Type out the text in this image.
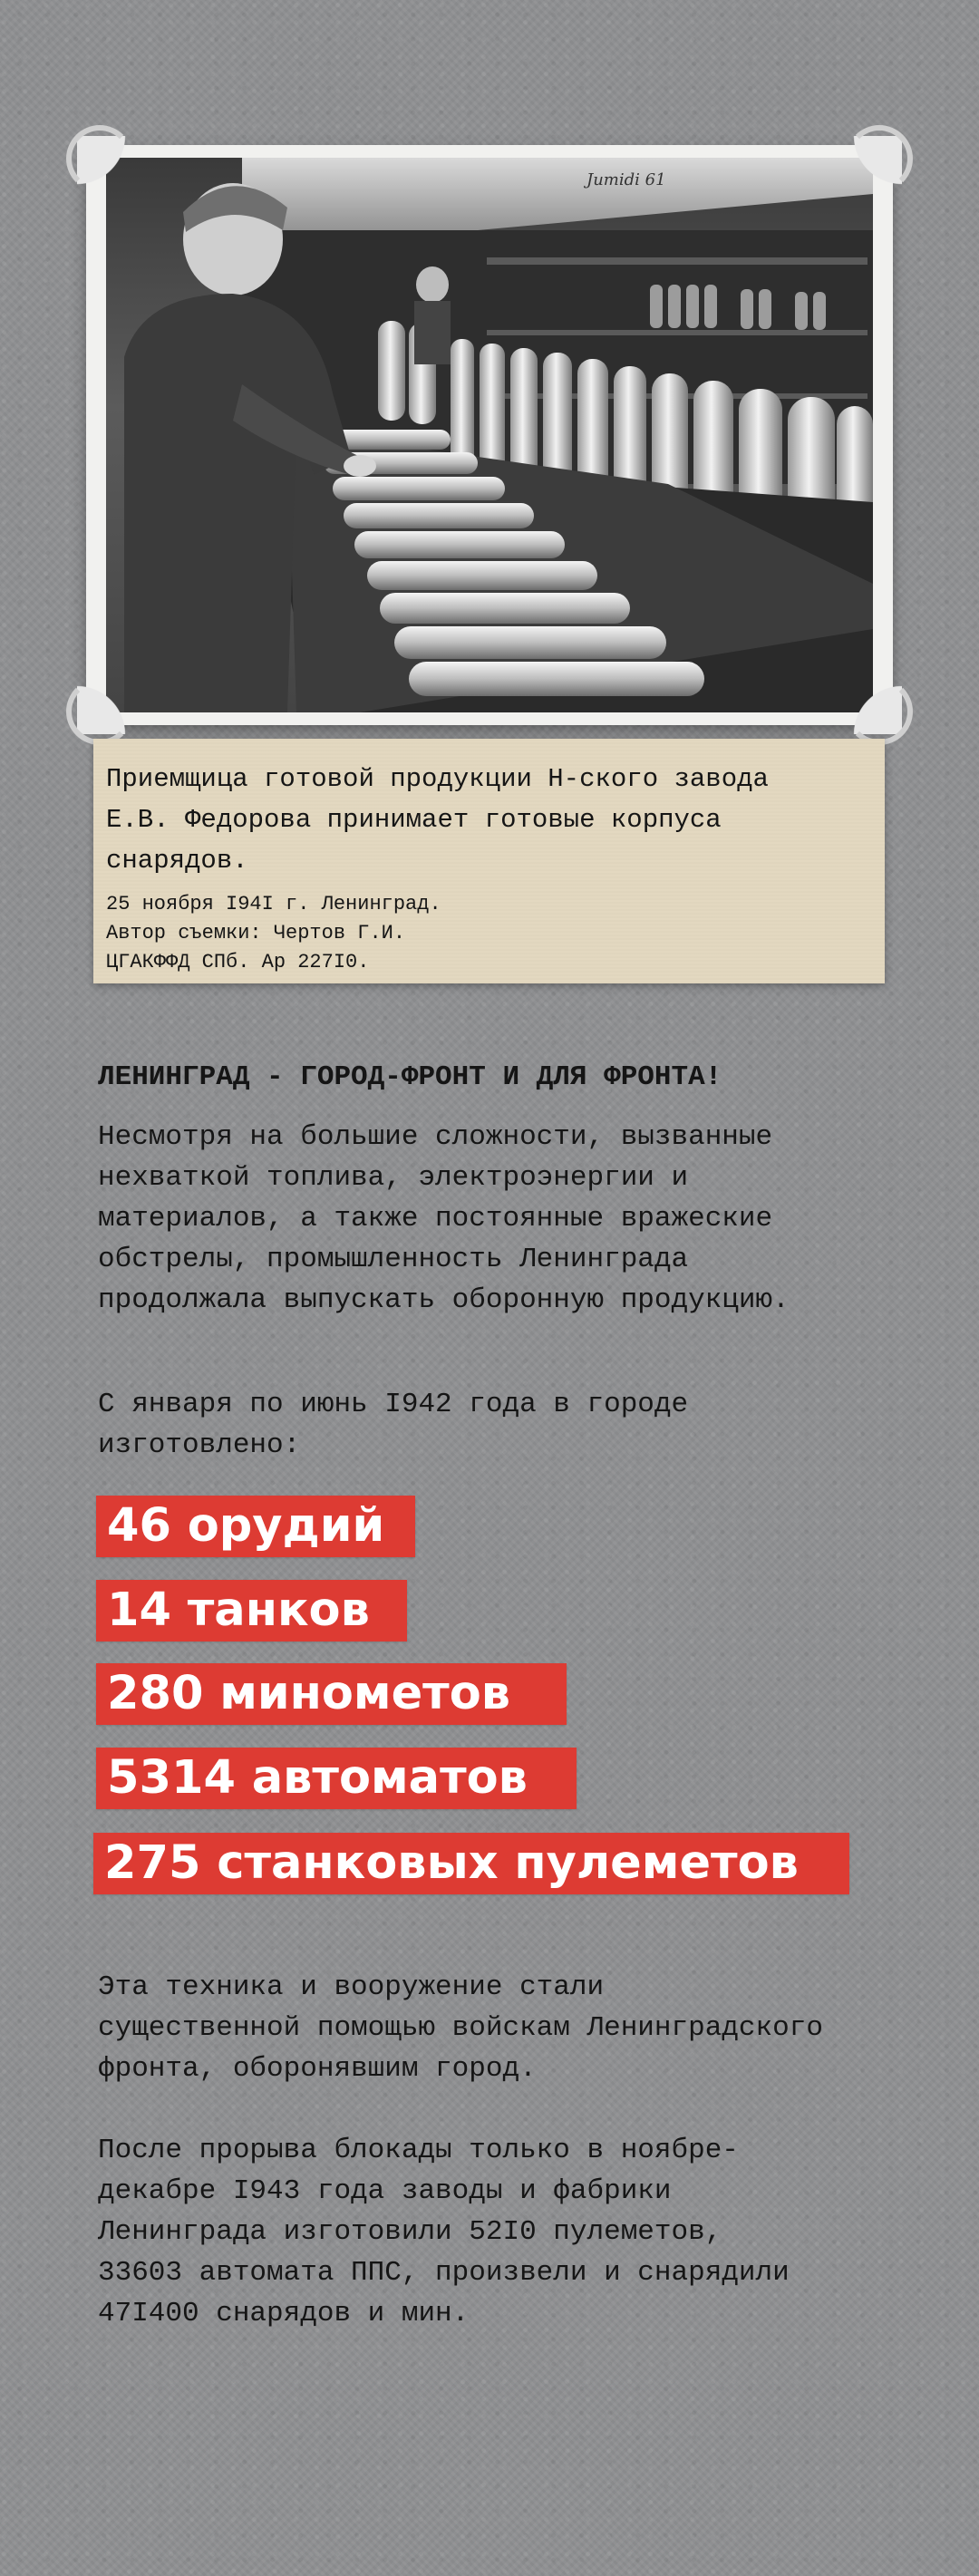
Jumidi 61

Приемщица готовой продукции Н-ского завода
Е.В. Федорова принимает готовые корпуса
снарядов.

25 ноября I94I г. Ленинград.
Автор съемки: Чертов Г.И.
ЦГАКФФД СПб. Ар 227I0.

ЛЕНИНГРАД - ГОРОД-ФРОНТ И ДЛЯ ФРОНТА!

Несмотря на большие сложности, вызванные
нехваткой топлива, электроэнергии и
материалов, а также постоянные вражеские
обстрелы, промышленность Ленинграда
продолжала выпускать оборонную продукцию.

С января по июнь I942 года в городе
изготовлено:

46 орудий
14 танков
280 минометов
5314 автоматов
275 станковых пулеметов

Эта техника и вооружение стали
существенной помощью войскам Ленинградского
фронта, оборонявшим город.

После прорыва блокады только в ноябре-
декабре I943 года заводы и фабрики
Ленинграда изготовили 52I0 пулеметов,
33603 автомата ППС, произвели и снарядили
47I400 снарядов и мин.
